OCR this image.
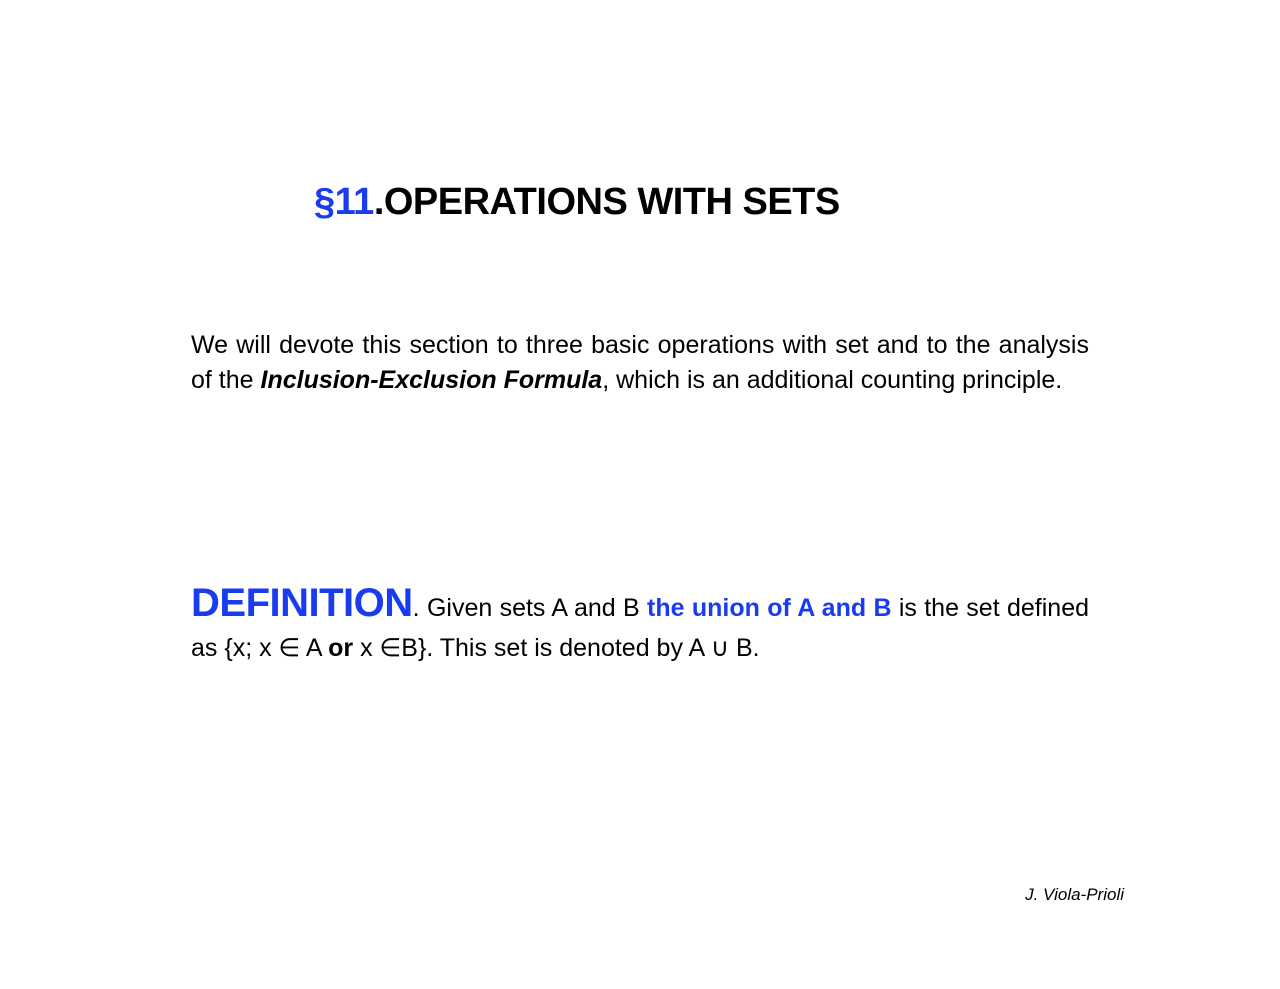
§11.OPERATIONS WITH SETS

We will devote this section to three basic operations with set and to the analysis of the Inclusion-Exclusion Formula, which is an additional counting principle.

DEFINITION. Given sets A and B the union of A and B is the set defined as {x; x ∈ A or x ∈B}. This set is denoted by A ∪ B.

J. Viola-Prioli
